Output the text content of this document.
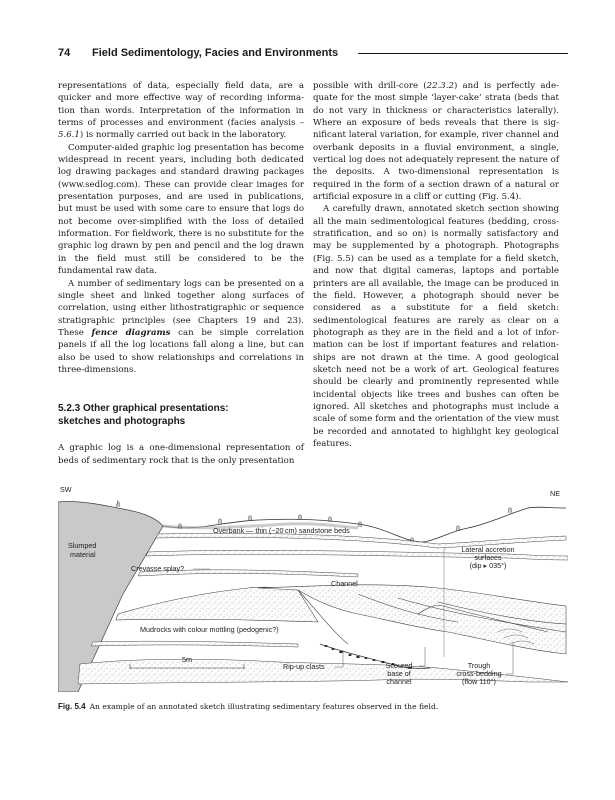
74	Field Sedimentology, Facies and Environments

representations of data, especially field data, are a quicker and more effective way of recording information than words. Interpretation of the information in terms of processes and environment (facies analysis – 5.6.1) is normally carried out back in the laboratory.

Computer-aided graphic log presentation has become widespread in recent years, including both dedicated log drawing packages and standard drawing packages (www.sedlog.com). These can provide clear images for presentation purposes, and are used in publications, but must be used with some care to ensure that logs do not become over-simplified with the loss of detailed information. For fieldwork, there is no substitute for the graphic log drawn by pen and pencil and the log drawn in the field must still be considered to be the fundamental raw data.

A number of sedimentary logs can be presented on a single sheet and linked together along surfaces of correlation, using either lithostratigraphic or sequence stratigraphic principles (see Chapters 19 and 23). These fence diagrams can be simple correlation panels if all the log locations fall along a line, but can also be used to show relationships and correlations in three-dimensions.

5.2.3 Other graphical presentations:
sketches and photographs

A graphic log is a one-dimensional representation of beds of sedimentary rock that is the only presentation

possible with drill-core (22.3.2) and is perfectly adequate for the most simple ‘layer-cake’ strata (beds that do not vary in thickness or characteristics laterally). Where an exposure of beds reveals that there is significant lateral variation, for example, river channel and overbank deposits in a fluvial environment, a single, vertical log does not adequately represent the nature of the deposits. A two-dimensional representation is required in the form of a section drawn of a natural or artificial exposure in a cliff or cutting (Fig. 5.4).

A carefully drawn, annotated sketch section showing all the main sedimentological features (bedding, cross-stratification, and so on) is normally satisfactory and may be supplemented by a photograph. Photographs (Fig. 5.5) can be used as a template for a field sketch, and now that digital cameras, laptops and portable printers are all available, the image can be produced in the field. However, a photograph should never be considered as a substitute for a field sketch: sedimentological features are rarely as clear on a photograph as they are in the field and a lot of information can be lost if important features and relationships are not drawn at the time. A good geological sketch need not be a work of art. Geological features should be clearly and prominently represented while incidental objects like trees and bushes can often be ignored. All sketches and photographs must include a scale of some form and the orientation of the view must be recorded and annotated to highlight key geological features.

SW	NE
Slumped
material
Overbank — thin (~20 cm) sandstone beds
Crevasse splay?
Channel
Lateral accretion
surfaces
(dip ▸ 035°)
Mudrocks with colour mottling (pedogenic?)
5m
Rip-up clasts	Scoured
base of
channel
Trough
cross-bedding
(flow 110°)
Fig. 5.4 An example of an annotated sketch illustrating sedimentary features observed in the field.
